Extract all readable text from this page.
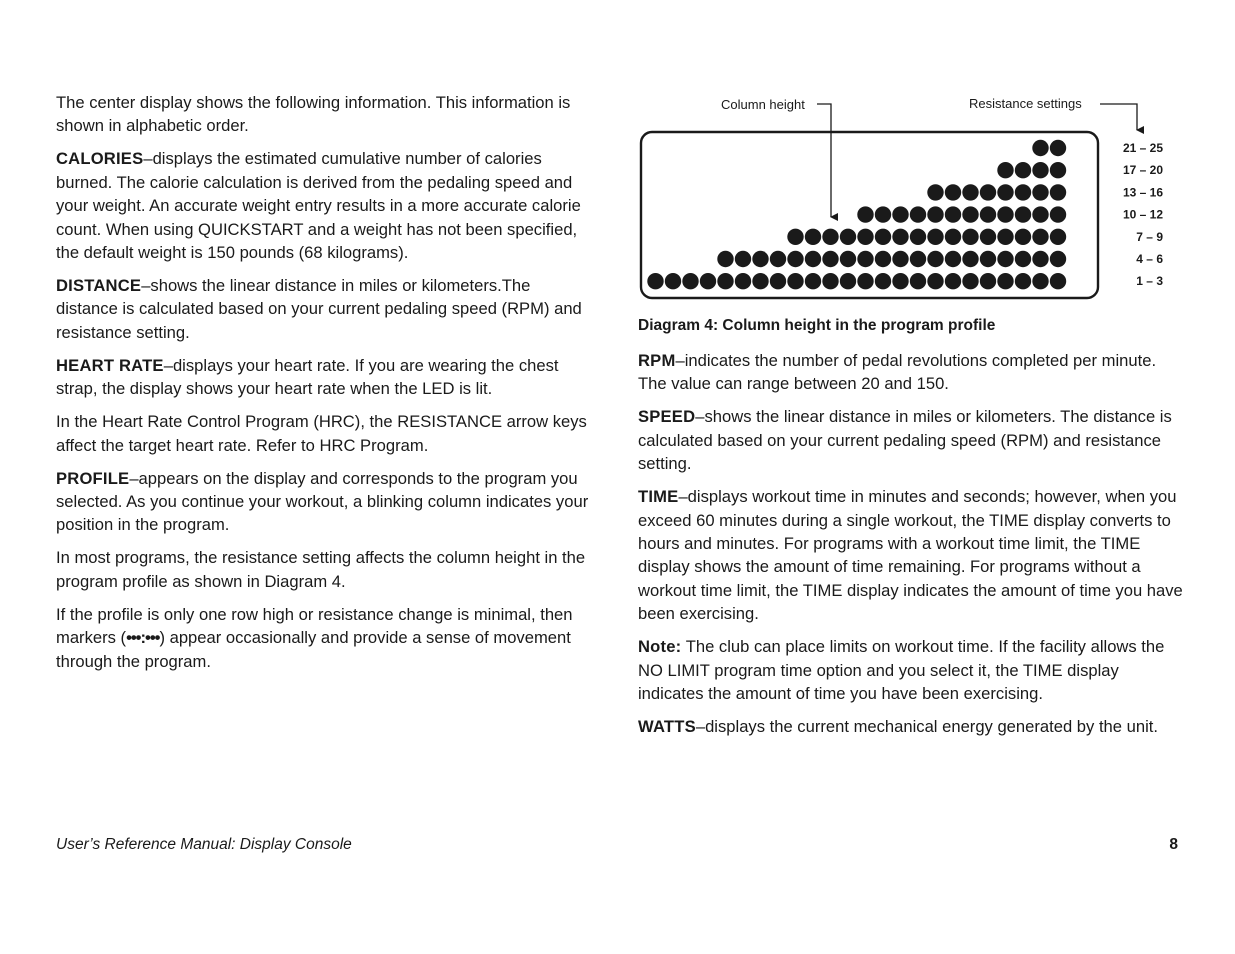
The center display shows the following information. This information is shown in alphabetic order.

CALORIES–displays the estimated cumulative number of calories burned. The calorie calculation is derived from the pedaling speed and your weight. An accurate weight entry results in a more accurate calorie count. When using QUICKSTART and a weight has not been specified, the default weight is 150 pounds (68 kilograms).

DISTANCE–shows the linear distance in miles or kilometers.The distance is calculated based on your current pedaling speed (RPM) and resistance setting.

HEART RATE–displays your heart rate. If you are wearing the chest strap, the display shows your heart rate when the LED is lit.

In the Heart Rate Control Program (HRC), the RESISTANCE arrow keys affect the target heart rate. Refer to HRC Program.

PROFILE–appears on the display and corresponds to the program you selected. As you continue your workout, a blinking column indicates your position in the program.

In most programs, the resistance setting affects the column height in the program profile as shown in Diagram 4.

If the profile is only one row high or resistance change is minimal, then markers (•••:•••) appear occasionally and provide a sense of movement through the program.

Column height	Resistance settings
21 – 25
17 – 20
13 – 16
10 – 12
7 – 9
4 – 6
1 – 3
Diagram 4: Column height in the program profile

RPM–indicates the number of pedal revolutions completed per minute. The value can range between 20 and 150.

SPEED–shows the linear distance in miles or kilometers. The distance is calculated based on your current pedaling speed (RPM) and resistance setting.

TIME–displays workout time in minutes and seconds; however, when you exceed 60 minutes during a single workout, the TIME display converts to hours and minutes. For programs with a workout time limit, the TIME display shows the amount of time remaining. For programs without a workout time limit, the TIME display indicates the amount of time you have been exercising.

Note: The club can place limits on workout time. If the facility allows the NO LIMIT program time option and you select it, the TIME display indicates the amount of time you have been exercising.

WATTS–displays the current mechanical energy generated by the unit.

User’s Reference Manual: Display Console	8
